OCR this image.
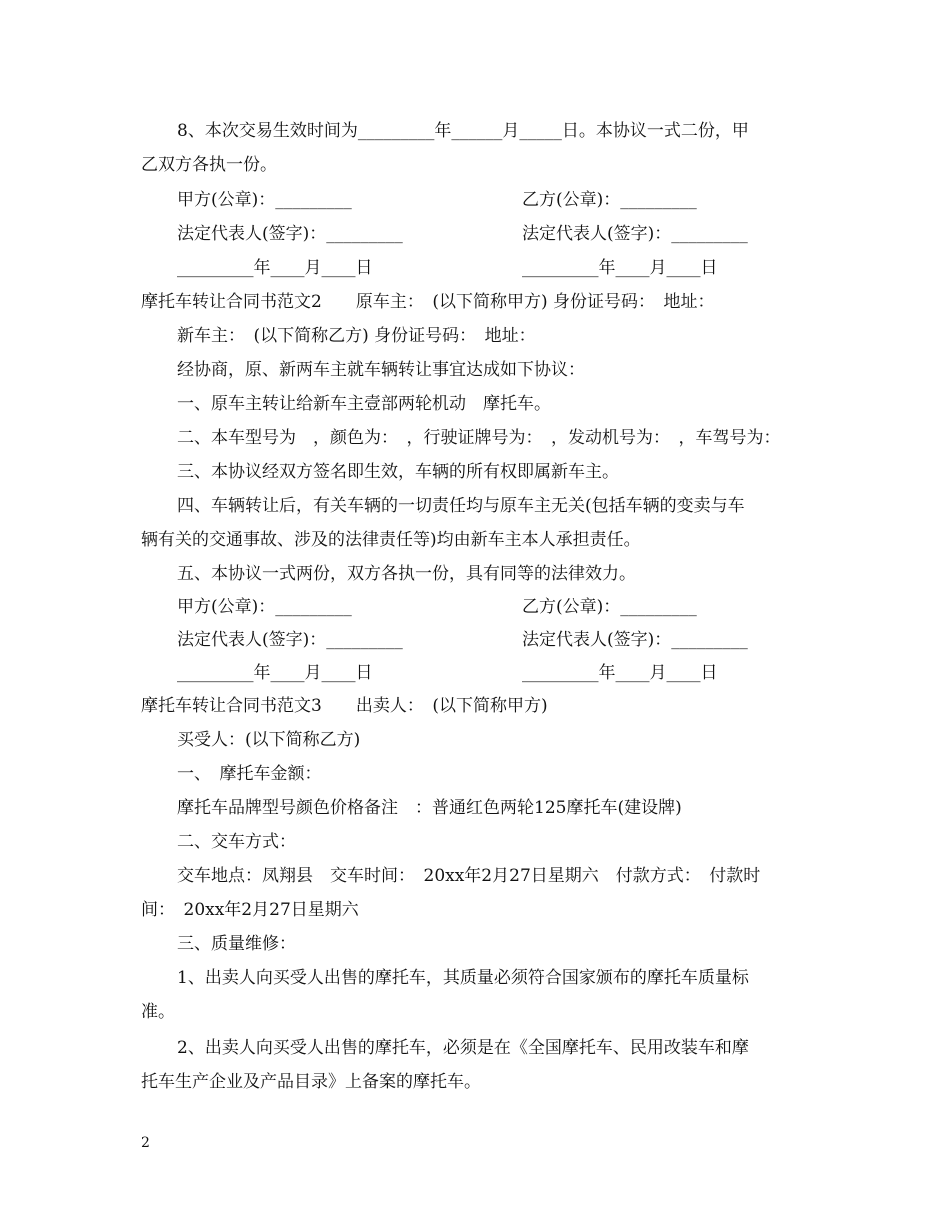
8、本次交易生效时间为_________年______月_____日。本协议一式二份，甲
乙双方各执一份。
甲方(公章)：_________	乙方(公章)：_________
法定代表人(签字)：_________	法定代表人(签字)：_________
_________年____月____日	_________年____月____日
摩托车转让合同书范文2　　原车主：　(以下简称甲方) 身份证号码：　地址：
新车主：　(以下简称乙方) 身份证号码：　地址：
经协商，原、新两车主就车辆转让事宜达成如下协议：
一、原车主转让给新车主壹部两轮机动　摩托车。
二、本车型号为　，颜色为：　，行驶证牌号为：　，发动机号为：　，车驾号为：
三、本协议经双方签名即生效，车辆的所有权即属新车主。
四、车辆转让后，有关车辆的一切责任均与原车主无关(包括车辆的变卖与车
辆有关的交通事故、涉及的法律责任等)均由新车主本人承担责任。
五、本协议一式两份，双方各执一份，具有同等的法律效力。
甲方(公章)：_________	乙方(公章)：_________
法定代表人(签字)：_________	法定代表人(签字)：_________
_________年____月____日	_________年____月____日
摩托车转让合同书范文3　　出卖人：　(以下简称甲方)
买受人：(以下简称乙方)
一、　摩托车金额：
摩托车品牌型号颜色价格备注　：普通红色两轮125摩托车(建设牌)
二、交车方式：
交车地点：凤翔县　交车时间：　20xx年2月27日星期六　付款方式：　付款时
间：　20xx年2月27日星期六
三、质量维修：
1、出卖人向买受人出售的摩托车，其质量必须符合国家颁布的摩托车质量标
准。
2、出卖人向买受人出售的摩托车，必须是在《全国摩托车、民用改装车和摩
托车生产企业及产品目录》上备案的摩托车。
2
